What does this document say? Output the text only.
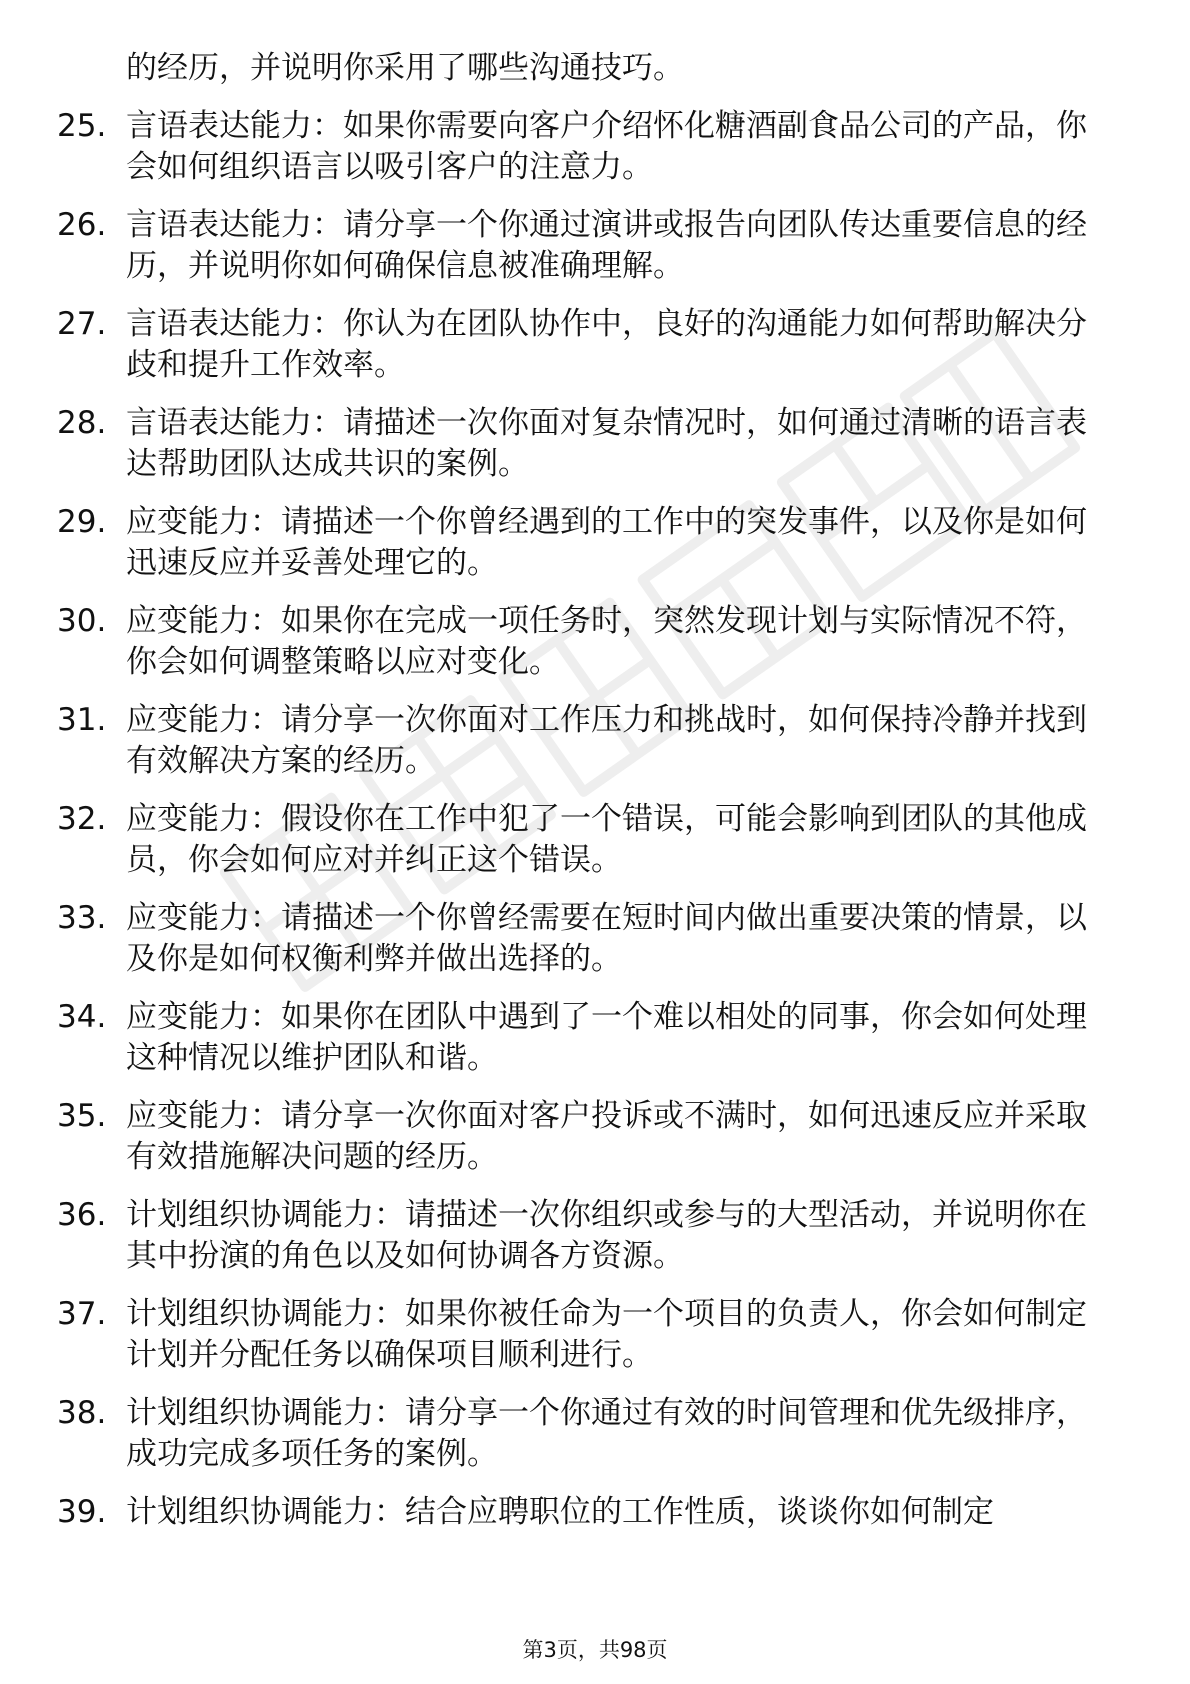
的经历，并说明你采用了哪些沟通技巧。
25. 言语表达能力：如果你需要向客户介绍怀化糖酒副食品公司的产品，你会如何组织语言以吸引客户的注意力。
26. 言语表达能力：请分享一个你通过演讲或报告向团队传达重要信息的经历，并说明你如何确保信息被准确理解。
27. 言语表达能力：你认为在团队协作中，良好的沟通能力如何帮助解决分歧和提升工作效率。
28. 言语表达能力：请描述一次你面对复杂情况时，如何通过清晰的语言表达帮助团队达成共识的案例。
29. 应变能力：请描述一个你曾经遇到的工作中的突发事件，以及你是如何迅速反应并妥善处理它的。
30. 应变能力：如果你在完成一项任务时，突然发现计划与实际情况不符，你会如何调整策略以应对变化。
31. 应变能力：请分享一次你面对工作压力和挑战时，如何保持冷静并找到有效解决方案的经历。
32. 应变能力：假设你在工作中犯了一个错误，可能会影响到团队的其他成员，你会如何应对并纠正这个错误。
33. 应变能力：请描述一个你曾经需要在短时间内做出重要决策的情景，以及你是如何权衡利弊并做出选择的。
34. 应变能力：如果你在团队中遇到了一个难以相处的同事，你会如何处理这种情况以维护团队和谐。
35. 应变能力：请分享一次你面对客户投诉或不满时，如何迅速反应并采取有效措施解决问题的经历。
36. 计划组织协调能力：请描述一次你组织或参与的大型活动，并说明你在其中扮演的角色以及如何协调各方资源。
37. 计划组织协调能力：如果你被任命为一个项目的负责人，你会如何制定计划并分配任务以确保项目顺利进行。
38. 计划组织协调能力：请分享一个你通过有效的时间管理和优先级排序，成功完成多项任务的案例。
39. 计划组织协调能力：结合应聘职位的工作性质，谈谈你如何制定
第3页，共98页
